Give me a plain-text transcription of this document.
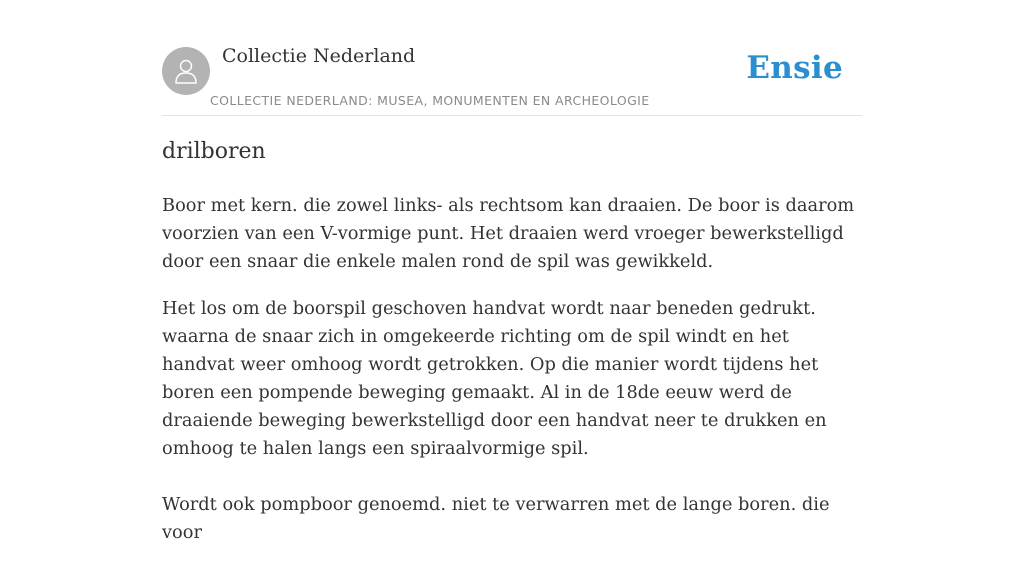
Collectie Nederland
COLLECTIE NEDERLAND: MUSEA, MONUMENTEN EN ARCHEOLOGIE
Ensie
drilboren

Boor met kern. die zowel links- als rechtsom kan draaien. De boor is daarom voorzien van een V-vormige punt. Het draaien werd vroeger bewerkstelligd door een snaar die enkele malen rond de spil was gewikkeld.

Het los om de boorspil geschoven handvat wordt naar beneden gedrukt. waarna de snaar zich in omgekeerde richting om de spil windt en het handvat weer omhoog wordt getrokken. Op die manier wordt tijdens het boren een pompende beweging gemaakt. Al in de 18de eeuw werd de draaiende beweging bewerkstelligd door een handvat neer te drukken en omhoog te halen langs een spiraalvormige spil.

Wordt ook pompboor genoemd. niet te verwarren met de lange boren. die voor
